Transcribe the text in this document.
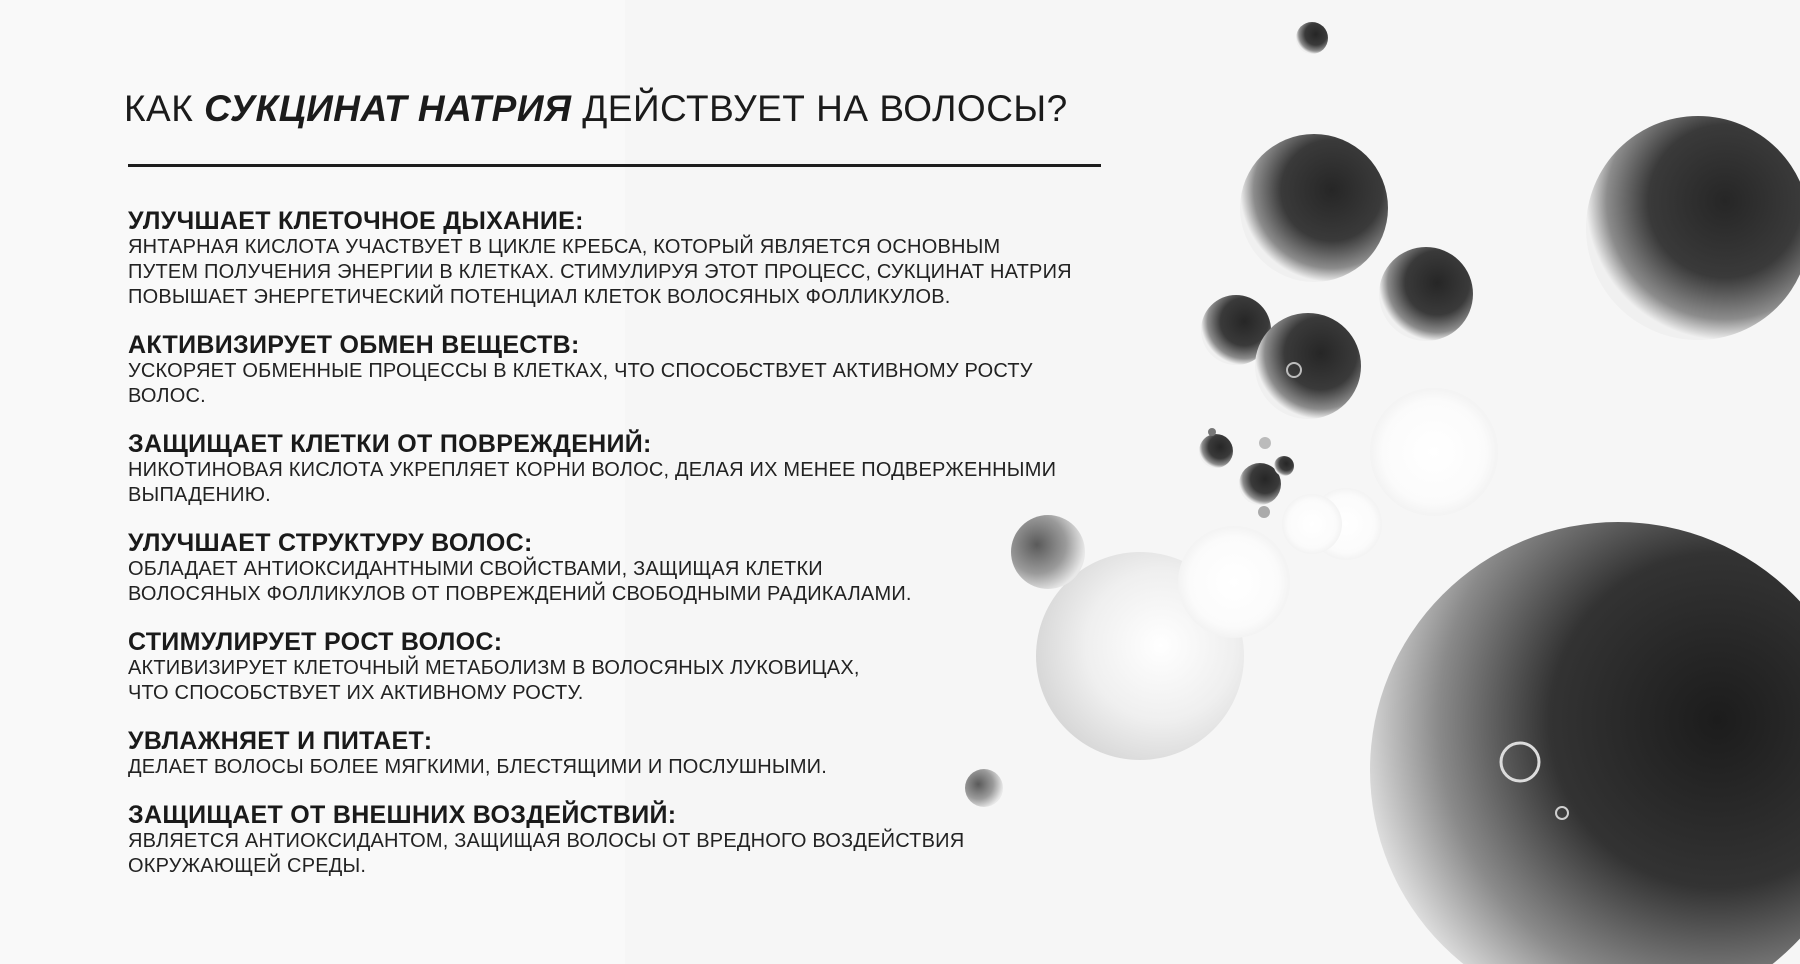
КАК СУКЦИНАТ НАТРИЯ ДЕЙСТВУЕТ НА ВОЛОСЫ?
УЛУЧШАЕТ КЛЕТОЧНОЕ ДЫХАНИЕ:
ЯНТАРНАЯ КИСЛОТА УЧАСТВУЕТ В ЦИКЛЕ КРЕБСА, КОТОРЫЙ ЯВЛЯЕТСЯ ОСНОВНЫМ
ПУТЕМ ПОЛУЧЕНИЯ ЭНЕРГИИ В КЛЕТКАХ. СТИМУЛИРУЯ ЭТОТ ПРОЦЕСС, СУКЦИНАТ НАТРИЯ
ПОВЫШАЕТ ЭНЕРГЕТИЧЕСКИЙ ПОТЕНЦИАЛ КЛЕТОК ВОЛОСЯНЫХ ФОЛЛИКУЛОВ.
АКТИВИЗИРУЕТ ОБМЕН ВЕЩЕСТВ:
УСКОРЯЕТ ОБМЕННЫЕ ПРОЦЕССЫ В КЛЕТКАХ, ЧТО СПОСОБСТВУЕТ АКТИВНОМУ РОСТУ
ВОЛОС.
ЗАЩИЩАЕТ КЛЕТКИ ОТ ПОВРЕЖДЕНИЙ:
НИКОТИНОВАЯ КИСЛОТА УКРЕПЛЯЕТ КОРНИ ВОЛОС, ДЕЛАЯ ИХ МЕНЕЕ ПОДВЕРЖЕННЫМИ
ВЫПАДЕНИЮ.
УЛУЧШАЕТ СТРУКТУРУ ВОЛОС:
ОБЛАДАЕТ АНТИОКСИДАНТНЫМИ СВОЙСТВАМИ, ЗАЩИЩАЯ КЛЕТКИ
ВОЛОСЯНЫХ ФОЛЛИКУЛОВ ОТ ПОВРЕЖДЕНИЙ СВОБОДНЫМИ РАДИКАЛАМИ.
СТИМУЛИРУЕТ РОСТ ВОЛОС:
АКТИВИЗИРУЕТ КЛЕТОЧНЫЙ МЕТАБОЛИЗМ В ВОЛОСЯНЫХ ЛУКОВИЦАХ,
ЧТО СПОСОБСТВУЕТ ИХ АКТИВНОМУ РОСТУ.
УВЛАЖНЯЕТ И ПИТАЕТ:
ДЕЛАЕТ ВОЛОСЫ БОЛЕЕ МЯГКИМИ, БЛЕСТЯЩИМИ И ПОСЛУШНЫМИ.
ЗАЩИЩАЕТ ОТ ВНЕШНИХ ВОЗДЕЙСТВИЙ:
ЯВЛЯЕТСЯ АНТИОКСИДАНТОМ, ЗАЩИЩАЯ ВОЛОСЫ ОТ ВРЕДНОГО ВОЗДЕЙСТВИЯ
ОКРУЖАЮЩЕЙ СРЕДЫ.
